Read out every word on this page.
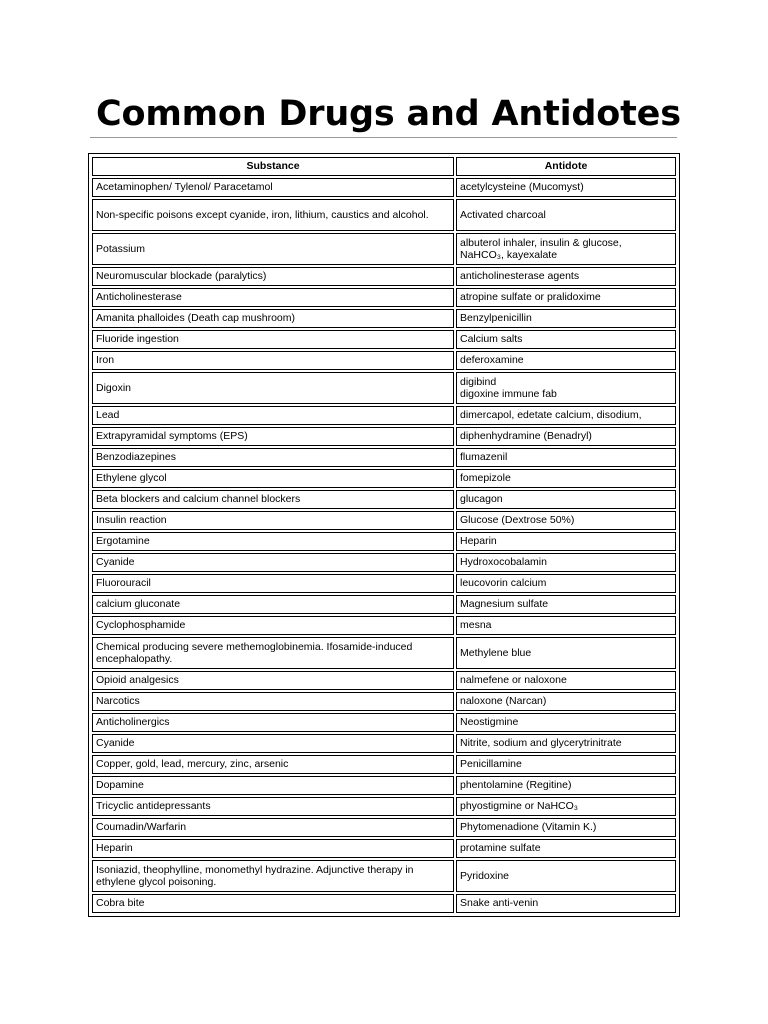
Common Drugs and Antidotes
Substance	Antidote
Acetaminophen/ Tylenol/ Paracetamol	acetylcysteine (Mucomyst)
Non-specific poisons except cyanide, iron, lithium, caustics and alcohol.	Activated charcoal
Potassium	albuterol inhaler, insulin & glucose,
NaHCO₃, kayexalate
Neuromuscular blockade (paralytics)	anticholinesterase agents
Anticholinesterase	atropine sulfate or pralidoxime
Amanita phalloides (Death cap mushroom)	Benzylpenicillin
Fluoride ingestion	Calcium salts
Iron	deferoxamine
Digoxin	digibind
digoxine immune fab
Lead	dimercapol, edetate calcium, disodium,
Extrapyramidal symptoms (EPS)	diphenhydramine (Benadryl)
Benzodiazepines	flumazenil
Ethylene glycol	fomepizole
Beta blockers and calcium channel blockers	glucagon
Insulin reaction	Glucose (Dextrose 50%)
Ergotamine	Heparin
Cyanide	Hydroxocobalamin
Fluorouracil	leucovorin calcium
calcium gluconate	Magnesium sulfate
Cyclophosphamide	mesna
Chemical producing severe methemoglobinemia. Ifosamide-induced encephalopathy.	Methylene blue
Opioid analgesics	nalmefene or naloxone
Narcotics	naloxone (Narcan)
Anticholinergics	Neostigmine
Cyanide	Nitrite, sodium and glycerytrinitrate
Copper, gold, lead, mercury, zinc, arsenic	Penicillamine
Dopamine	phentolamine (Regitine)
Tricyclic antidepressants	phyostigmine or NaHCO₃
Coumadin/Warfarin	Phytomenadione (Vitamin K.)
Heparin	protamine sulfate
Isoniazid, theophylline, monomethyl hydrazine. Adjunctive therapy in ethylene glycol poisoning.	Pyridoxine
Cobra bite	Snake anti-venin
